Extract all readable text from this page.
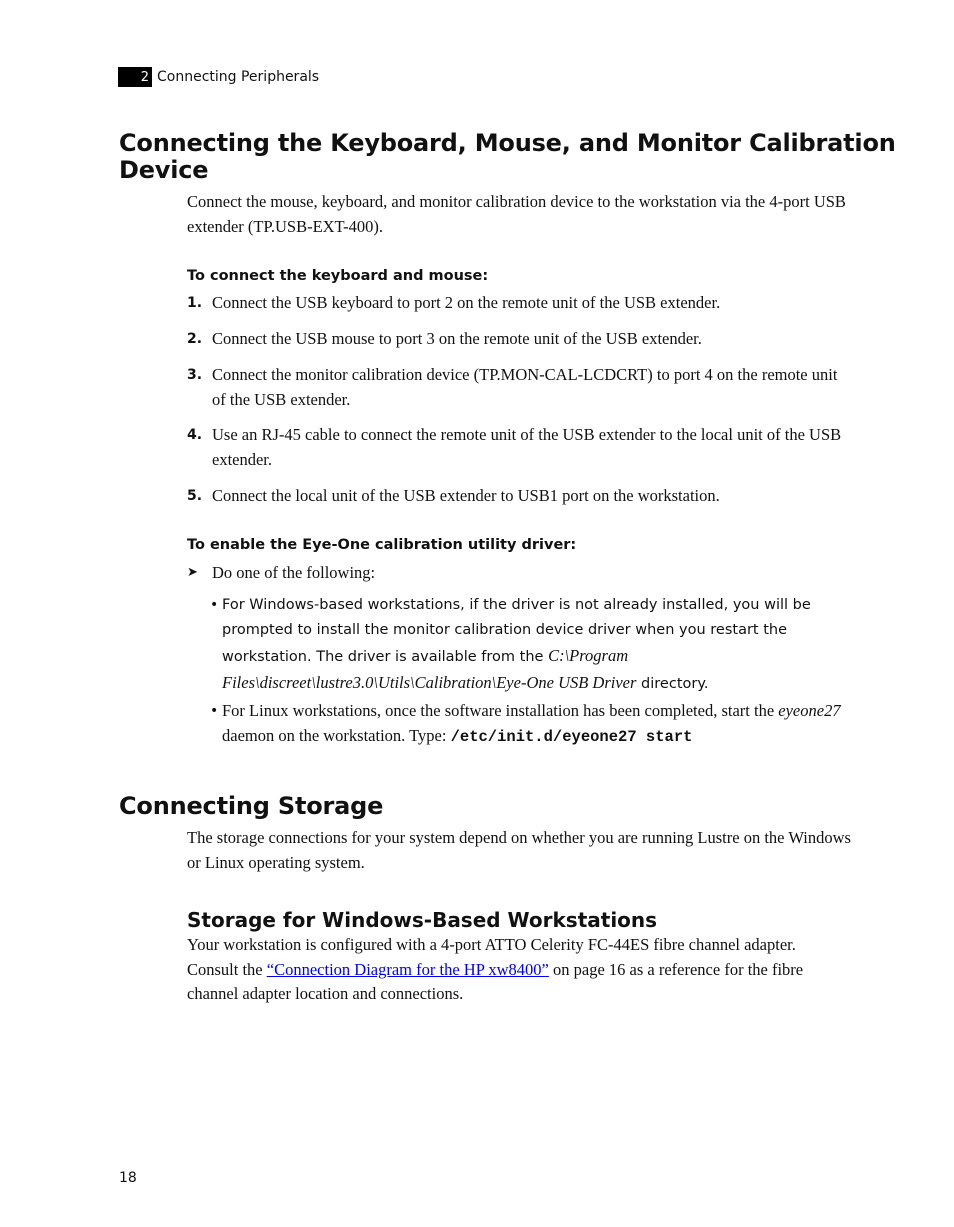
2 Connecting Peripherals
Connecting the Keyboard, Mouse, and Monitor Calibration
Device

Connect the mouse, keyboard, and monitor calibration device to the workstation via the 4-port USB extender (TP.USB-EXT-400).

To connect the keyboard and mouse:

1. Connect the USB keyboard to port 2 on the remote unit of the USB extender.
2. Connect the USB mouse to port 3 on the remote unit of the USB extender.
3. Connect the monitor calibration device (TP.MON-CAL-LCDCRT) to port 4 on the remote unit of the USB extender.
4. Use an RJ-45 cable to connect the remote unit of the USB extender to the local unit of the USB extender.
5. Connect the local unit of the USB extender to USB1 port on the workstation.

To enable the Eye-One calibration utility driver:

➤ Do one of the following:
• For Windows-based workstations, if the driver is not already installed, you will be prompted to install the monitor calibration device driver when you restart the workstation. The driver is available from the C:\Program Files\discreet\lustre3.0\Utils\Calibration\Eye-One USB Driver directory.
• For Linux workstations, once the software installation has been completed, start the eyeone27 daemon on the workstation. Type: /etc/init.d/eyeone27 start
Connecting Storage

The storage connections for your system depend on whether you are running Lustre on the Windows or Linux operating system.

Storage for Windows-Based Workstations

Your workstation is configured with a 4-port ATTO Celerity FC-44ES fibre channel adapter. Consult the “Connection Diagram for the HP xw8400” on page 16 as a reference for the fibre channel adapter location and connections.

18
